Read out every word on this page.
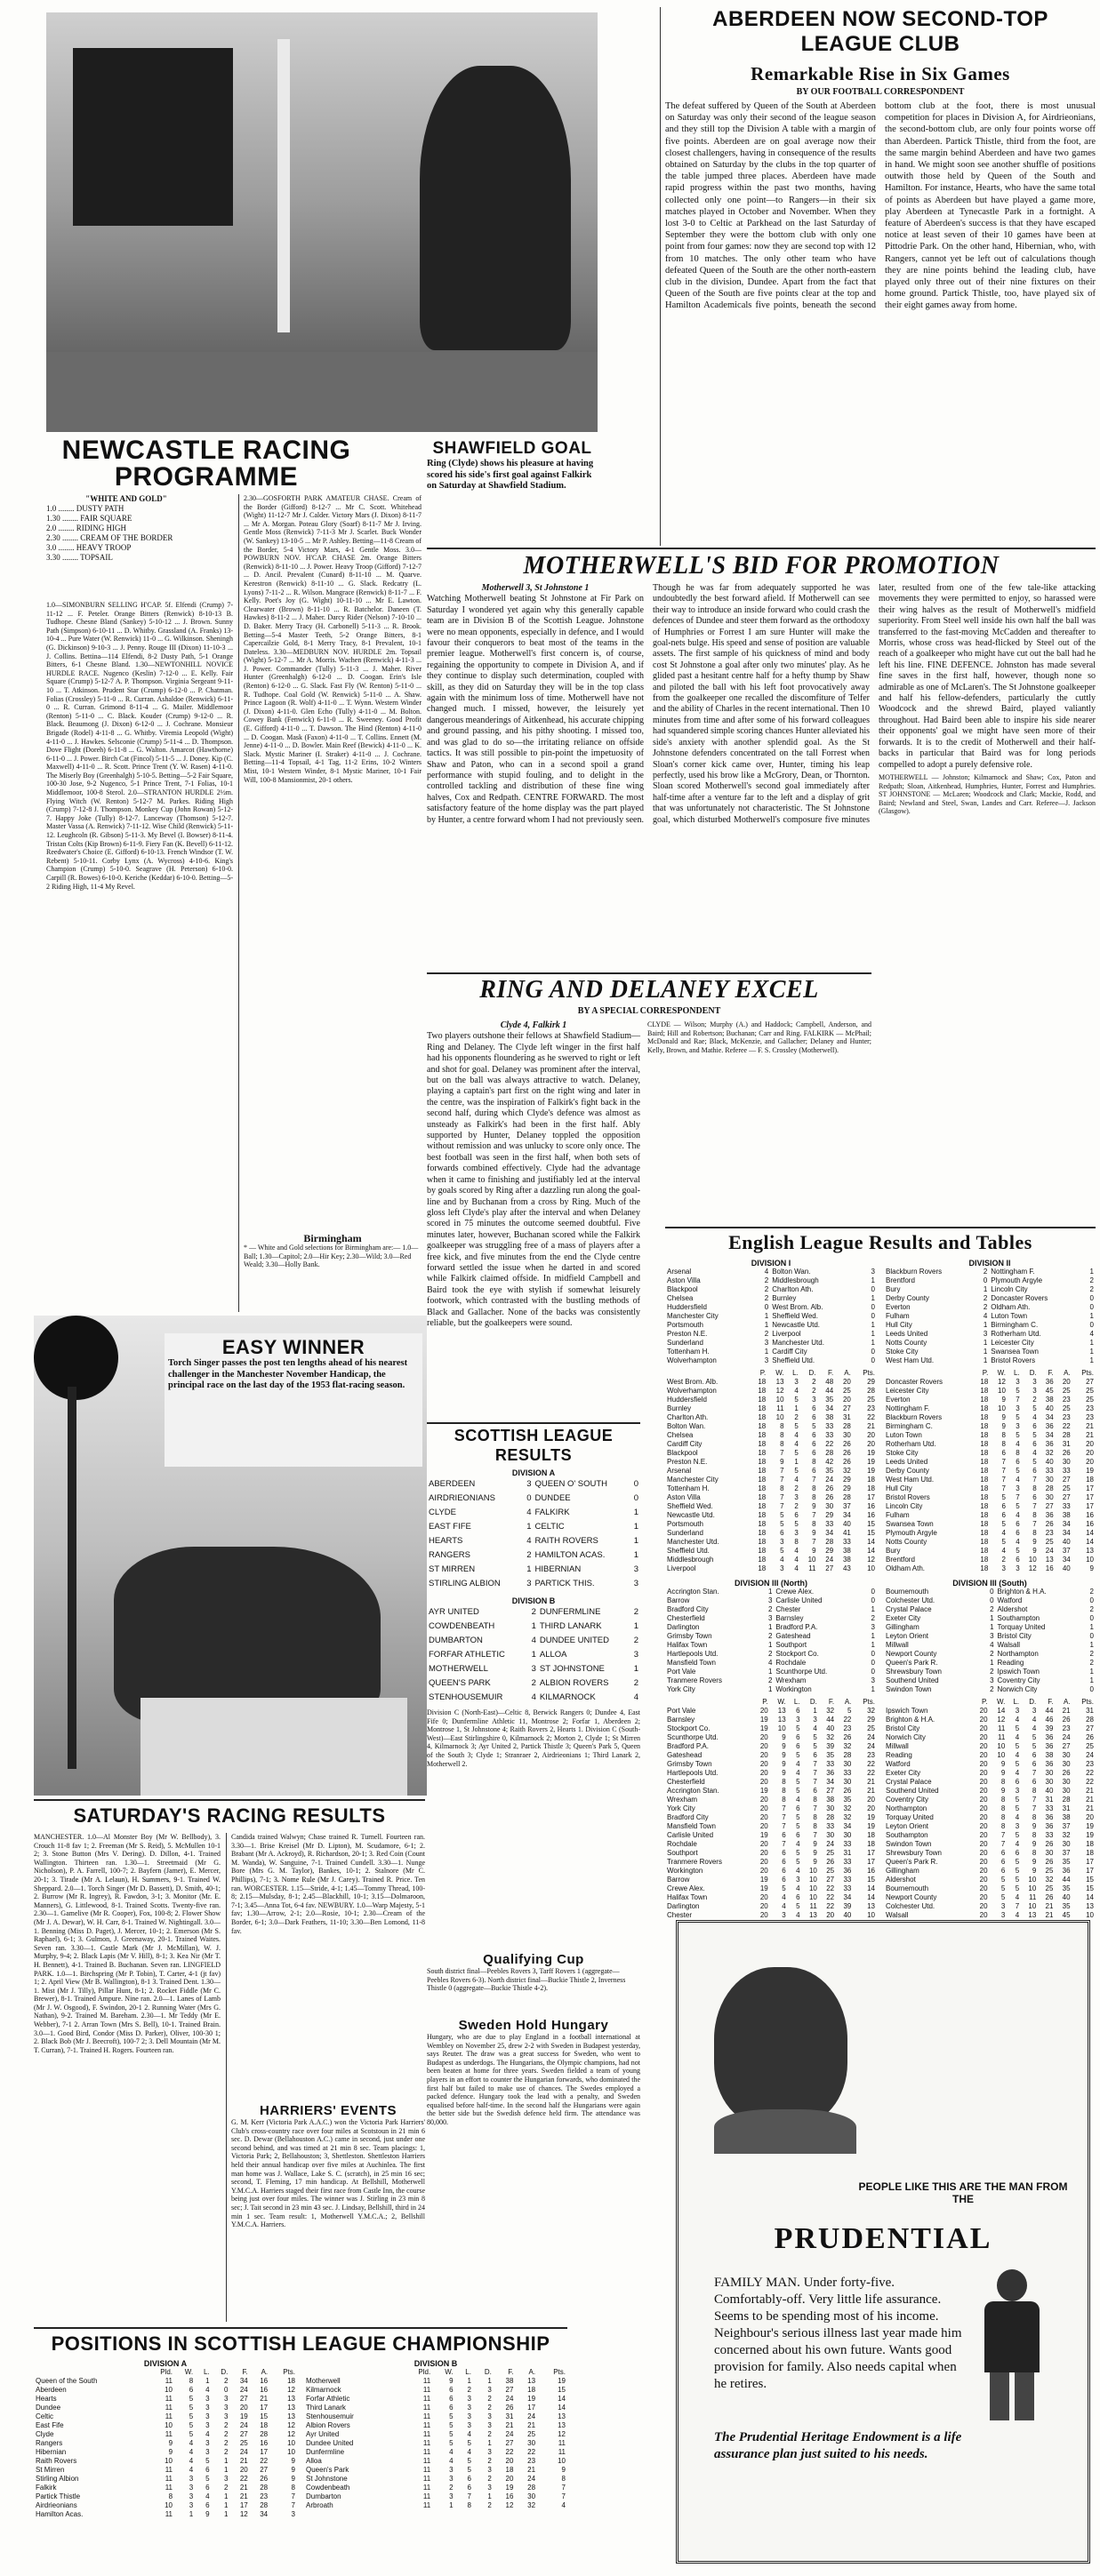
NEWCASTLE RACING PROGRAMME
"WHITE AND GOLD"
1.0 ........ DUSTY PATH
1.30 ........ FAIR SQUARE
2.0 ........ RIDING HIGH
2.30 ........ CREAM OF THE BORDER
3.0 ........ HEAVY TROOP
3.30 ........ TOPSAIL
1.0—SIMONBURN SELLING H'CAP. 5f. Elfendi (Crump) 7-11-12 ... F. Peteler. Orange Bitters (Renwick) 8-10-13 B. Tudhope. Chesne Bland (Sankey) 5-10-12 ... J. Brown. Sunny Path (Simpson) 6-10-11 ... D. Whitby. Grassland (A. Franks) 13-10-4 ... Pure Water (W. Renwick) 11-0 ... G. Wilkinson. Sheningh (G. Dickinson) 9-10-3 ... J. Penny. Rouge III (Dixon) 11-10-3 ... J. Collins. Bettina—114 Elfendi, 8-2 Dusty Path, 5-1 Orange Bitters, 6-1 Chesne Bland. 1.30—NEWTONHILL NOVICE HURDLE RACE. Nugenco (Keslin) 7-12-0 ... E. Kelly. Fair Square (Crump) 5-12-7 A. P. Thompson. Virginia Sergeant 9-11-10 ... T. Atkinson. Prudent Star (Crump) 6-12-0 ... P. Chatman. Folias (Crossley) 5-11-0 ... R. Curran. Ashaldoe (Renwick) 6-11-0 ... R. Curran. Grimond 8-11-4 ... G. Mailer. Middlemoor (Renton) 5-11-0 ... C. Black. Kouder (Crump) 9-12-0 ... R. Black. Beaumong (J. Dixon) 6-12-0 ... J. Cochrane. Monsieur Brigade (Rodel) 4-11-8 ... G. Whitby. Viremia Leopold (Wight) 4-11-0 ... J. Hawkes. Selsconie (Crump) 5-11-4 ... D. Thompson. Dove Flight (Doreh) 6-11-8 ... G. Walton. Amarcot (Hawthorne) 6-11-0 ... J. Power. Birch Cat (Fincol) 5-11-5 ... J. Doney. Kip (C. Maxwell) 4-11-0 ... R. Scott. Prince Trent (Y. W. Rasen) 4-11-0. The Miserly Boy (Greenhalgh) 5-10-5. Betting—5-2 Fair Square, 100-30 Jose, 9-2 Nugenco, 5-1 Prince Trent, 7-1 Folias, 10-1 Middlemoor, 100-8 Sterol. 2.0—STRANTON HURDLE 2½m. Flying Witch (W. Renton) 5-12-7 M. Parkes. Riding High (Crump) 7-12-8 J. Thompson. Monkey Cup (John Rowan) 5-12-7. Happy Joke (Tully) 8-12-7. Lanceway (Thomson) 5-12-7. Master Vassa (A. Renwick) 7-11-12. Wise Child (Renwick) 5-11-12. Leughcoln (R. Gibson) 5-11-3. My Bevel (I. Bowser) 8-11-4. Tristan Colts (Kip Brown) 6-11-9. Fiery Fan (K. Bevell) 6-11-12. Reedwater's Choice (E. Gifford) 6-10-13. French Windsor (T. W. Rebent) 5-10-11. Corby Lynx (A. Wycross) 4-10-6. King's Champion (Crump) 5-10-0. Seagrave (H. Peterson) 6-10-0. Carpill (R. Bowes) 6-10-0. Keriche (Keddar) 6-10-0. Betting—5-2 Riding High, 11-4 My Revel.
2.30—GOSFORTH PARK AMATEUR CHASE. Cream of the Border (Gifford) 8-12-7 ... Mr C. Scott. Whitehead (Wight) 11-12-7 Mr J. Calder. Victory Mars (J. Dixon) 8-11-7 ... Mr A. Morgan. Poteau Glory (Soarf) 8-11-7 Mr J. Irving. Gentle Moss (Renwick) 7-11-3 Mr J. Scarlet. Buck Wonder (W. Sankey) 13-10-5 ... Mr P. Ashley. Betting—11-8 Cream of the Border, 5-4 Victory Mars, 4-1 Gentle Moss. 3.0—POWBURN NOV. H'CAP. CHASE 2m. Orange Bitters (Renwick) 8-11-10 ... J. Power. Heavy Troop (Gifford) 7-12-7 ... D. Ancil. Prevalent (Cunard) 8-11-10 ... M. Quarve. Kerestron (Renwick) 8-11-10 ... G. Slack. Redcatry (L. Lyons) 7-11-2 ... R. Wilson. Mangrace (Renwick) 8-11-7 ... F. Kelly. Poet's Joy (G. Wight) 10-11-10 ... Mr E. Lawton. Clearwater (Brown) 8-11-10 ... R. Batchelor. Daneen (T. Hawkes) 8-11-2 ... J. Maher. Darcy Rider (Nelson) 7-10-10 ... D. Baker. Merry Tracy (H. Carbonell) 5-11-3 ... R. Brook. Betting—5-4 Master Teeth, 5-2 Orange Bitters, 8-1 Capercailzie Gold, 8-1 Merry Tracy, 8-1 Prevalent, 10-1 Dateless. 3.30—MEDBURN NOV. HURDLE 2m. Topsail (Wight) 5-12-7 ... Mr A. Morris. Wachen (Renwick) 4-11-3 ... J. Power. Commander (Tully) 5-11-3 ... J. Maher. River Hunter (Greenhalgh) 6-12-0 ... D. Coogan. Erin's Isle (Renton) 6-12-0 ... G. Slack. Fast Fly (W. Renton) 5-11-0 ... R. Tudhope. Coal Gold (W. Renwick) 5-11-0 ... A. Shaw. Prince Lagoon (R. Wolf) 4-11-0 ... T. Wynn. Western Winder (J. Dixon) 4-11-0. Glen Echo (Tully) 4-11-0 ... M. Bolton. Cowey Bank (Fenwick) 6-11-0 ... R. Sweeney. Good Profit (E. Gifford) 4-11-0 ... T. Dawson. The Hind (Renton) 4-11-0 ... D. Coogan. Mask (Faxon) 4-11-0 ... T. Collins. Ennett (M. Jenne) 4-11-0 ... D. Bowler. Main Reef (Bewick) 4-11-0 ... K. Slack. Mystic Mariner (I. Straker) 4-11-0 ... J. Cochrane. Betting—11-4 Topsail, 4-1 Tag, 11-2 Erins, 10-2 Winters Mist, 10-1 Western Winder, 8-1 Mystic Mariner, 10-1 Fair Will, 100-8 Mansionmist, 20-1 others.
Birmingham
* — White and Gold selections for Birmingham are:— 1.0—Ball; 1.30—Capitol; 2.0—Hir Key; 2.30—Wild; 3.0—Red Weald; 3.30—Holly Bank.
EASY WINNER
Torch Singer passes the post ten lengths ahead of his nearest challenger in the Manchester November Handicap, the principal race on the last day of the 1953 flat-racing season.
SATURDAY'S RACING RESULTS
MANCHESTER. 1.0—Al Monster Boy (Mr W. Bellbody), 3. Crouch 11-8 fav 1; 2. Freeman (Mr S. Reid), 5. McMullen 10-1 2; 3. Stone Button (Mrs V. Dering). D. Dillon, 4-1. Trained Wallington. Thirteen ran. 1.30—1. Streetmaid (Mr G. Nicholson), P. A. Farrell, 100-7; 2. Bayfern (Jamer), E. Mercer, 20-1; 3. Tirade (Mr A. Lelaun), H. Summers, 9-1. Trained W. Sheppard. 2.0—1. Torch Singer (Mr D. Bassett), D. Smith, 40-1; 2. Burrow (Mr R. Ingrey), R. Fawdon, 3-1; 3. Monitor (Mr. E. Manners), G. Littlewood, 8-1. Trained Scotts. Twenty-five ran. 2.30—1. Gamelive (Mr R. Cooper), Fox, 100-8; 2. Flower Show (Mr J. A. Dewar), W. H. Carr, 8-1. Trained W. Nightingall. 3.0—1. Benning (Miss D. Paget), J. Mercer, 10-1; 2. Emerson (Mr S. Raphael), 6-1; 3. Gulmon, J. Greenaway, 20-1. Trained Waites. Seven ran. 3.30—1. Castle Mark (Mr J. McMillan), W. J. Murphy, 9-4; 2. Black Lapis (Mr V. Hill), 8-1; 3. Kea Nir (Mr T. H. Bennett), 4-1. Trained B. Buchanan. Seven ran. LINGFIELD PARK. 1.0—1. Birchspring (Mr P. Tobin), T. Carter, 4-1 (jt fav) 1; 2. April View (Mr B. Wallington), 8-1 3. Trained Dent. 1.30—1. Mist (Mr J. Tilly), Pillar Hunt, 8-1; 2. Rocket Fiddle (Mr C. Brewer), 8-1. Trained Ampure. Nine ran. 2.0—1. Lanes of Lamb (Mr J. W. Osgood), F. Swindon, 20-1 2. Running Water (Mrs G. Nathan), 9-2. Trained M. Bareham. 2.30—1. Mr Teddy (Mr E. Webber), 7-1 2. Arran Town (Mrs S. Bell), 10-1. Trained Brain. 3.0—1. Good Bird, Condor (Miss D. Parker), Oliver, 100-30 1; 2. Black Bob (Mr J. Beecroft), 100-7 2; 3. Dell Mountain (Mr M. T. Curran), 7-1. Trained H. Rogers. Fourteen ran.
Candida trained Walwyn; Chase trained R. Turnell. Fourteen ran. 3.30—1. Brise Kreisel (Mr D. Lipton), M. Scudamore, 6-1; 2. Brabant (Mr A. Ackroyd), R. Richardson, 20-1; 3. Red Coin (Count M. Wanda), W. Sanguine, 7-1. Trained Cundell. 3.30—1. Nunge Bore (Mrs G. M. Taylor), Bankes, 10-1; 2. Stalnore (Mr C. Phillips), 7-1; 3. Nome Rule (Mr J. Carey). Trained R. Price. Ten ran. WORCESTER. 1.15—Stride, 4-1; 1.45—Tommy Thread, 100-8; 2.15—Mulsday, 8-1; 2.45—Blackhill, 10-1; 3.15—Dolmaroon, 7-1; 3.45—Anna Tot, 6-4 fav. NEWBURY. 1.0—Warp Majesty, 5-1 fav; 1.30—Arrow, 2-1; 2.0—Rosie, 10-1; 2.30—Cream of the Border, 6-1; 3.0—Dark Feathers, 11-10; 3.30—Ben Lomond, 11-8 fav.
HARRIERS' EVENTS
G. M. Kerr (Victoria Park A.A.C.) won the Victoria Park Harriers' Club's cross-country race over four miles at Scotstoun in 21 min 6 sec. D. Dewar (Bellahouston A.C.) came in second, just under one second behind, and was timed at 21 min 8 sec. Team placings: 1, Victoria Park; 2, Bellahouston; 3, Shettleston. Shettleston Harriers held their annual handicap over five miles at Auchinlea. The first man home was J. Wallace, Lake S. C. (scratch), in 25 min 16 sec; second, T. Fleming, 17 min handicap. At Bellshill, Motherwell Y.M.C.A. Harriers staged their first race from Castle Inn, the course being just over four miles. The winner was J. Stirling in 23 min 8 sec; J. Tait second in 23 min 43 sec. J. Lindsay, Bellshill, third in 24 min 1 sec. Team result: 1, Motherwell Y.M.C.A.; 2, Bellshill Y.M.C.A. Harriers.
POSITIONS IN SCOTTISH LEAGUE CHAMPIONSHIP
DIVISION A
	Pld.	W.	L.	D.	F.	A.	Pts.
Queen of the South	11	8	1	2	34	16	18
Aberdeen	10	6	4	0	24	16	12
Hearts	11	5	3	3	27	21	13
Dundee	11	5	3	3	20	17	13
Celtic	11	5	3	3	19	15	13
East Fife	10	5	3	2	24	18	12
Clyde	11	5	4	2	27	28	12
Rangers	9	4	3	2	25	16	10
Hibernian	9	4	3	2	24	17	10
Raith Rovers	10	4	5	1	21	22	9
St Mirren	11	4	6	1	20	27	9
Stirling Albion	11	3	5	3	22	26	9
Falkirk	11	3	6	2	21	28	8
Partick Thistle	8	3	4	1	21	23	7
Airdrieonians	10	3	6	1	17	28	7
Hamilton Acas.	11	1	9	1	12	34	3
DIVISION B
	Pld.	W.	L.	D.	F.	A.	Pts.
Motherwell	11	9	1	1	38	13	19
Kilmarnock	11	6	2	3	27	18	15
Forfar Athletic	11	6	3	2	24	19	14
Third Lanark	11	6	3	2	26	17	14
Stenhousemuir	11	5	3	3	31	24	13
Albion Rovers	11	5	3	3	21	21	13
Ayr United	11	5	4	2	24	25	12
Dundee United	11	5	5	1	27	30	11
Dunfermline	11	4	4	3	22	22	11
Alloa	11	4	5	2	20	23	10
Queen's Park	11	3	5	3	18	21	9
St Johnstone	11	3	6	2	20	24	8
Cowdenbeath	11	2	6	3	19	28	7
Dumbarton	11	3	7	1	16	30	7
Arbroath	11	1	8	2	12	32	4
SHAWFIELD GOAL
Ring (Clyde) shows his pleasure at having scored his side's first goal against Falkirk on Saturday at Shawfield Stadium.
MOTHERWELL'S BID FOR PROMOTION
Motherwell 3, St Johnstone 1
Watching Motherwell beating St Johnstone at Fir Park on Saturday I wondered yet again why this generally capable team are in Division B of the Scottish League. Johnstone were no mean opponents, especially in defence, and I would favour their conquerors to beat most of the teams in the premier league. Motherwell's first concern is, of course, regaining the opportunity to compete in Division A, and if they continue to display such determination, coupled with skill, as they did on Saturday they will be in the top class again with the minimum loss of time. Motherwell have not changed much. I missed, however, the leisurely yet dangerous meanderings of Aitkenhead, his accurate chipping and ground passing, and his pithy shooting. I missed too, and was glad to do so—the irritating reliance on offside tactics. It was still possible to pin-point the impetuosity of Shaw and Paton, who can in a second spoil a grand performance with stupid fouling, and to delight in the controlled tackling and distribution of these fine wing halves, Cox and Redpath. CENTRE FORWARD. The most satisfactory feature of the home display was the part played by Hunter, a centre forward whom I had not previously seen. Though he was far from adequately supported he was undoubtedly the best forward afield. If Motherwell can see their way to introduce an inside forward who could crash the defences of Dundee and steer them forward as the orthodoxy of Humphries or Forrest I am sure Hunter will make the goal-nets bulge. His speed and sense of position are valuable assets. The first sample of his quickness of mind and body cost St Johnstone a goal after only two minutes' play. As he glided past a hesitant centre half for a hefty thump by Shaw and piloted the ball with his left foot provocatively away from the goalkeeper one recalled the discomfiture of Telfer and the ability of Charles in the recent international. Then 10 minutes from time and after some of his forward colleagues had squandered simple scoring chances Hunter alleviated his side's anxiety with another splendid goal. As the St Johnstone defenders concentrated on the tall Forrest when Sloan's corner kick came over, Hunter, timing his leap perfectly, used his brow like a McGrory, Dean, or Thornton. Sloan scored Motherwell's second goal immediately after half-time after a venture far to the left and a display of grit that was unfortunately not characteristic. The St Johnstone goal, which disturbed Motherwell's composure five minutes later, resulted from one of the few tale-like attacking movements they were permitted to enjoy, so harassed were their wing halves as the result of Motherwell's midfield superiority. From Steel well inside his own half the ball was transferred to the fast-moving McCadden and thereafter to Morris, whose cross was head-flicked by Steel out of the reach of a goalkeeper who might have cut out the ball had he left his line. FINE DEFENCE. Johnston has made several fine saves in the first half, however, though none so admirable as one of McLaren's. The St Johnstone goalkeeper and half his fellow-defenders, particularly the cuttly Woodcock and the shrewd Baird, played valiantly throughout. Had Baird been able to inspire his side nearer their opponents' goal we might have seen more of their forwards. It is to the credit of Motherwell and their half-backs in particular that Baird was for long periods compelled to adopt a purely defensive role.
MOTHERWELL — Johnston; Kilmarnock and Shaw; Cox, Paton and Redpath; Sloan, Aitkenhead, Humphries, Hunter, Forrest and Humphries. ST JOHNSTONE — McLaren; Woodcock and Clark; Mackie, Rodd, and Baird; Newland and Steel, Swan, Landes and Carr. Referee—J. Jackson (Glasgow).
RING AND DELANEY EXCEL
BY A SPECIAL CORRESPONDENT
Clyde 4, Falkirk 1
Two players outshone their fellows at Shawfield Stadium—Ring and Delaney. The Clyde left winger in the first half had his opponents floundering as he swerved to right or left and shot for goal. Delaney was prominent after the interval, but on the ball was always attractive to watch. Delaney, playing a captain's part first on the right wing and later in the centre, was the inspiration of Falkirk's fight back in the second half, during which Clyde's defence was almost as unsteady as Falkirk's had been in the first half. Ably supported by Hunter, Delaney toppled the opposition without remission and was unlucky to score only once. The best football was seen in the first half, when both sets of forwards combined effectively. Clyde had the advantage when it came to finishing and justifiably led at the interval by goals scored by Ring after a dazzling run along the goal-line and by Buchanan from a cross by Ring. Much of the gloss left Clyde's play after the interval and when Delaney scored in 75 minutes the outcome seemed doubtful. Five minutes later, however, Buchanan scored while the Falkirk goalkeeper was struggling free of a mass of players after a free kick, and five minutes from the end the Clyde centre forward settled the issue when he darted in and scored while Falkirk claimed offside. In midfield Campbell and Baird took the eye with stylish if somewhat leisurely footwork, which contrasted with the bustling methods of Black and Gallacher. None of the backs was consistently reliable, but the goalkeepers were sound.
CLYDE — Wilson; Murphy (A.) and Haddock; Campbell, Anderson, and Baird; Hill and Robertson; Buchanan; Carr and Ring. FALKIRK — McPhail; McDonald and Rae; Black, McKenzie, and Gallacher; Delaney and Hunter; Kelly, Brown, and Mathie. Referee — F. S. Crossley (Motherwell).
SCOTTISH LEAGUE RESULTS
DIVISION A
ABERDEEN	3	QUEEN O' SOUTH	0
AIRDRIEONIANS	0	DUNDEE	0
CLYDE	4	FALKIRK	1
EAST FIFE	1	CELTIC	1
HEARTS	4	RAITH ROVERS	1
RANGERS	2	HAMILTON ACAS.	1
ST MIRREN	1	HIBERNIAN	3
STIRLING ALBION	3	PARTICK THIS.	3
DIVISION B
AYR UNITED	2	DUNFERMLINE	2
COWDENBEATH	1	THIRD LANARK	1
DUMBARTON	4	DUNDEE UNITED	2
FORFAR ATHLETIC	1	ALLOA	3
MOTHERWELL	3	ST JOHNSTONE	1
QUEEN'S PARK	2	ALBION ROVERS	2
STENHOUSEMUIR	4	KILMARNOCK	4
Division C (North-East)—Celtic 8, Berwick Rangers 0; Dundee 4, East Fife 0; Dunfermline Athletic 11, Montrose 2; Forfar 1, Aberdeen 2; Montrose 1, St Johnstone 4; Raith Rovers 2, Hearts 1. Division C (South-West)—East Stirlingshire 0, Kilmarnock 2; Morton 2, Clyde 1; St Mirren 4, Kilmarnock 3; Ayr United 2, Partick Thistle 3; Queen's Park 5, Queen of the South 3; Clyde 1; Stranraer 2, Airdrieonians 1; Third Lanark 2, Motherwell 2.
Qualifying Cup
South district final—Peebles Rovers 3, Tarff Rovers 1 (aggregate—Peebles Rovers 6-3). North district final—Buckie Thistle 2, Inverness Thistle 0 (aggregate—Buckie Thistle 4-2).
Sweden Hold Hungary
Hungary, who are due to play England in a football international at Wembley on November 25, drew 2-2 with Sweden in Budapest yesterday, says Reuter. The draw was a great success for Sweden, who went to Budapest as underdogs. The Hungarians, the Olympic champions, had not been beaten at home for three years. Sweden fielded a team of young players in an effort to counter the Hungarian forwards, who dominated the first half but failed to make use of chances. The Swedes employed a packed defence. Hungary took the lead with a penalty, and Sweden equalised before half-time. In the second half the Hungarians were again the better side but the Swedish defence held firm. The attendance was 80,000.
ABERDEEN NOW SECOND-TOP LEAGUE CLUB
Remarkable Rise in Six Games
BY OUR FOOTBALL CORRESPONDENT
The defeat suffered by Queen of the South at Aberdeen on Saturday was only their second of the league season and they still top the Division A table with a margin of five points. Aberdeen are on goal average now their closest challengers, having in consequence of the results obtained on Saturday by the clubs in the top quarter of the table jumped three places. Aberdeen have made rapid progress within the past two months, having collected only one point—to Rangers—in their six matches played in October and November. When they lost 3-0 to Celtic at Parkhead on the last Saturday of September they were the bottom club with only one point from four games: now they are second top with 12 from 10 matches. The only other team who have defeated Queen of the South are the other north-eastern club in the division, Dundee. Apart from the fact that Queen of the South are five points clear at the top and Hamilton Academicals five points, beneath the second bottom club at the foot, there is most unusual competition for places in Division A, for Airdrieonians, the second-bottom club, are only four points worse off than Aberdeen. Partick Thistle, third from the foot, are the same margin behind Aberdeen and have two games in hand. We might soon see another shuffle of positions outwith those held by Queen of the South and Hamilton. For instance, Hearts, who have the same total of points as Aberdeen but have played a game more, play Aberdeen at Tynecastle Park in a fortnight. A feature of Aberdeen's success is that they have escaped notice at least seven of their 10 games have been at Pittodrie Park. On the other hand, Hibernian, who, with Rangers, cannot yet be left out of calculations though they are nine points behind the leading club, have played only three out of their nine fixtures on their home ground. Partick Thistle, too, have played six of their eight games away from home.
English League Results and Tables
DIVISION I
Arsenal	4	Bolton Wan.	3
Aston Villa	2	Middlesbrough	1
Blackpool	2	Charlton Ath.	0
Chelsea	2	Burnley	1
Huddersfield	0	West Brom. Alb.	0
Manchester City	1	Sheffield Wed.	0
Portsmouth	1	Newcastle Utd.	1
Preston N.E.	2	Liverpool	1
Sunderland	3	Manchester Utd.	1
Tottenham H.	1	Cardiff City	0
Wolverhampton	3	Sheffield Utd.	0
	P.	W.	L.	D.	F.	A.	Pts.
West Brom. Alb.	18	13	3	2	48	20	29
Wolverhampton	18	12	4	2	44	25	28
Huddersfield	18	10	5	3	35	20	25
Burnley	18	11	1	6	34	27	23
Charlton Ath.	18	10	2	6	38	31	22
Bolton Wan.	18	8	5	5	33	28	21
Chelsea	18	8	4	6	33	30	20
Cardiff City	18	8	4	6	22	26	20
Blackpool	18	7	5	6	28	26	19
Preston N.E.	18	9	1	8	42	26	19
Arsenal	18	7	5	6	35	32	19
Manchester City	18	7	4	7	24	29	18
Tottenham H.	18	8	2	8	26	29	18
Aston Villa	18	7	3	8	26	28	17
Sheffield Wed.	18	7	2	9	30	37	16
Newcastle Utd.	18	5	6	7	29	34	16
Portsmouth	18	5	5	8	33	40	15
Sunderland	18	6	3	9	34	41	15
Manchester Utd.	18	3	8	7	28	33	14
Sheffield Utd.	18	5	4	9	29	38	14
Middlesbrough	18	4	4	10	24	38	12
Liverpool	18	3	4	11	27	43	10
DIVISION III (North)
Accrington Stan.	1	Crewe Alex.	0
Barrow	3	Carlisle United	0
Bradford City	2	Chester	1
Chesterfield	3	Barnsley	2
Darlington	1	Bradford P.A.	3
Grimsby Town	2	Gateshead	1
Halifax Town	1	Southport	1
Hartlepools Utd.	2	Stockport Co.	0
Mansfield Town	4	Rochdale	0
Port Vale	1	Scunthorpe Utd.	0
Tranmere Rovers	2	Wrexham	3
York City	1	Workington	1
	P.	W.	L.	D.	F.	A.	Pts.
Port Vale	20	13	6	1	32	5	32
Barnsley	19	13	3	3	44	22	29
Stockport Co.	19	10	5	4	40	23	25
Scunthorpe Utd.	20	9	6	5	32	26	24
Bradford P.A.	20	9	6	5	39	32	24
Gateshead	20	9	5	6	35	28	23
Grimsby Town	20	9	4	7	33	30	22
Hartlepools Utd.	20	9	4	7	36	33	22
Chesterfield	20	8	5	7	34	30	21
Accrington Stan.	19	8	5	6	27	26	21
Wrexham	20	8	4	8	38	35	20
York City	20	7	6	7	30	32	20
Bradford City	20	7	5	8	28	32	19
Mansfield Town	20	7	5	8	33	34	19
Carlisle United	19	6	6	7	30	30	18
Rochdale	20	7	4	9	24	33	18
Southport	20	6	5	9	25	31	17
Tranmere Rovers	20	6	5	9	26	33	17
Workington	20	6	4	10	25	36	16
Barrow	19	6	3	10	27	33	15
Crewe Alex.	19	5	4	10	22	33	14
Halifax Town	20	4	6	10	22	34	14
Darlington	20	4	5	11	22	39	13
Chester	20	3	4	13	20	40	10
DIVISION II
Blackburn Rovers	2	Nottingham F.	1
Brentford	0	Plymouth Argyle	2
Bury	1	Lincoln City	2
Derby County	2	Doncaster Rovers	0
Everton	2	Oldham Ath.	0
Fulham	4	Luton Town	1
Hull City	1	Birmingham C.	0
Leeds United	3	Rotherham Utd.	4
Notts County	1	Leicester City	1
Stoke City	1	Swansea Town	1
West Ham Utd.	1	Bristol Rovers	1
	P.	W.	L.	D.	F.	A.	Pts.
Doncaster Rovers	18	12	3	3	36	20	27
Leicester City	18	10	5	3	45	25	25
Everton	18	9	7	2	38	23	25
Nottingham F.	18	10	3	5	40	25	23
Blackburn Rovers	18	9	5	4	34	23	23
Birmingham C.	18	9	3	6	36	22	21
Luton Town	18	8	5	5	34	28	21
Rotherham Utd.	18	8	4	6	36	31	20
Stoke City	18	6	8	4	32	26	20
Leeds United	18	7	6	5	40	30	20
Derby County	18	7	5	6	33	33	19
West Ham Utd.	18	7	4	7	30	27	18
Hull City	18	7	3	8	28	25	17
Bristol Rovers	18	5	7	6	30	27	17
Lincoln City	18	6	5	7	27	33	17
Fulham	18	6	4	8	36	38	16
Swansea Town	18	5	6	7	26	34	16
Plymouth Argyle	18	4	6	8	23	34	14
Notts County	18	5	4	9	25	40	14
Bury	18	4	5	9	24	37	13
Brentford	18	2	6	10	13	34	10
Oldham Ath.	18	3	3	12	16	40	9
DIVISION III (South)
Bournemouth	0	Brighton & H.A.	2
Colchester Utd.	0	Watford	0
Crystal Palace	2	Aldershot	2
Exeter City	1	Southampton	0
Gillingham	1	Torquay United	1
Leyton Orient	3	Bristol City	0
Millwall	4	Walsall	1
Newport County	2	Northampton	2
Queen's Park R.	1	Reading	2
Shrewsbury Town	2	Ipswich Town	1
Southend United	3	Coventry City	1
Swindon Town	2	Norwich City	0
	P.	W.	L.	D.	F.	A.	Pts.
Ipswich Town	20	14	3	3	44	21	31
Brighton & H.A.	20	12	4	4	46	26	28
Bristol City	20	11	5	4	39	23	27
Norwich City	20	11	4	5	36	24	26
Millwall	20	10	5	5	36	27	25
Reading	20	10	4	6	38	30	24
Watford	20	9	5	6	36	30	23
Exeter City	20	9	4	7	30	26	22
Crystal Palace	20	8	6	6	30	30	22
Southend United	20	9	3	8	40	30	21
Coventry City	20	8	5	7	31	28	21
Northampton	20	8	5	7	33	31	21
Torquay United	20	8	4	8	36	38	20
Leyton Orient	20	8	3	9	36	37	19
Southampton	20	7	5	8	33	32	19
Swindon Town	20	7	4	9	26	30	18
Shrewsbury Town	20	6	6	8	30	37	18
Queen's Park R.	20	6	5	9	26	35	17
Gillingham	20	6	5	9	25	36	17
Aldershot	20	5	5	10	32	44	15
Bournemouth	20	5	5	10	25	35	15
Newport County	20	5	4	11	26	40	14
Colchester Utd.	20	3	7	10	21	35	13
Walsall	20	3	4	13	21	45	10
PEOPLE LIKE THIS ARE THE MAN FROM THE
PRUDENTIAL
FAMILY MAN. Under forty-five. Comfortably-off. Very little life assurance. Seems to be spending most of his income. Neighbour's serious illness last year made him concerned about his own future. Wants good provision for family. Also needs capital when he retires.
The Prudential Heritage Endowment is a life assurance plan just suited to his needs.
